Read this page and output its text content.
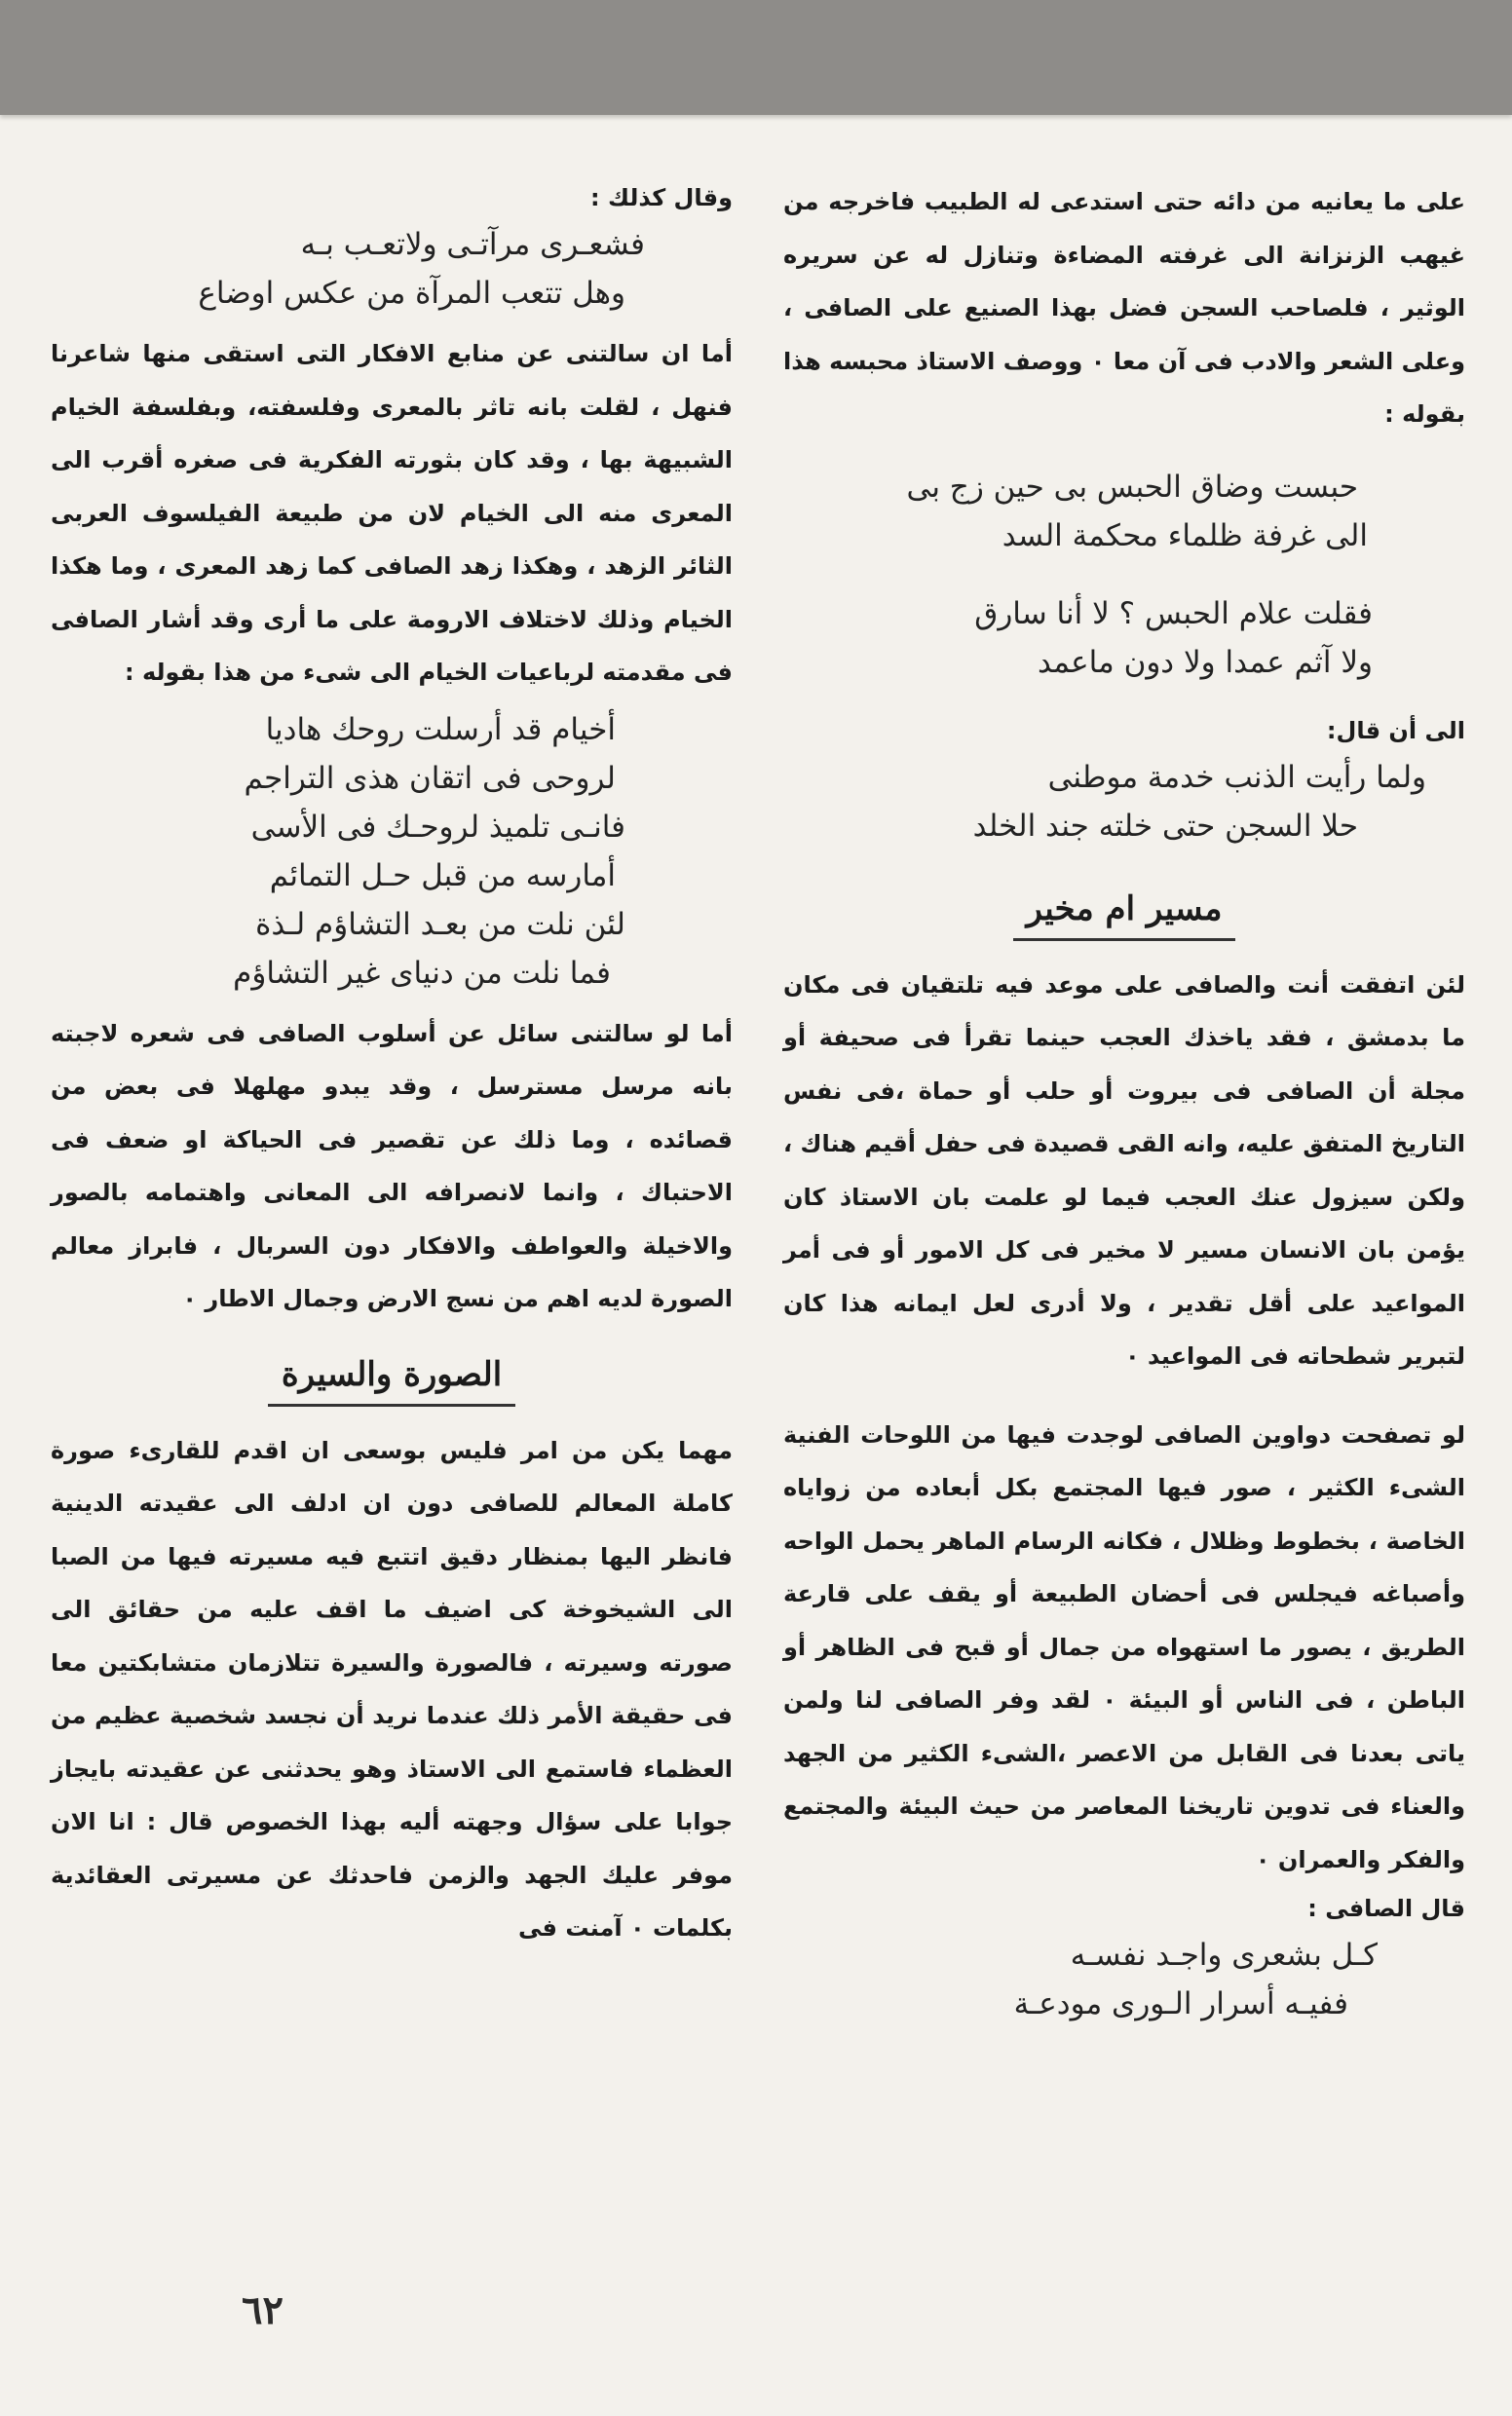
على ما يعانيه من دائه حتى استدعى له الطبيب فاخرجه من غيهب الزنزانة الى غرفته المضاءة وتنازل له عن سريره الوثير ، فلصاحب السجن فضل بهذا الصنيع على الصافى ، وعلى الشعر والادب فى آن معا ٠ ووصف الاستاذ محبسه هذا بقوله :

حبست وضاق الحبس بى حين زج بى
الى غرفة ظلماء محكمة السد
فقلت علام الحبس ؟ لا أنا سارق
ولا آثم عمدا ولا دون ماعمد

الى أن قال:

ولما رأيت الذنب خدمة موطنى
حلا السجن حتى خلته جند الخلد
مسير ام مخير

لئن اتفقت أنت والصافى على موعد فيه تلتقيان فى مكان ما بدمشق ، فقد ياخذك العجب حينما تقرأ فى صحيفة أو مجلة أن الصافى فى بيروت أو حلب أو حماة ،فى نفس التاريخ المتفق عليه، وانه القى قصيدة فى حفل أقيم هناك ، ولكن سيزول عنك العجب فيما لو علمت بان الاستاذ كان يؤمن بان الانسان مسير لا مخير فى كل الامور أو فى أمر المواعيد على أقل تقدير ، ولا أدرى لعل ايمانه هذا كان لتبرير شطحاته فى المواعيد ٠

لو تصفحت دواوين الصافى لوجدت فيها من اللوحات الفنية الشىء الكثير ، صور فيها المجتمع بكل أبعاده من زواياه الخاصة ، بخطوط وظلال ، فكانه الرسام الماهر يحمل الواحه وأصباغه فيجلس فى أحضان الطبيعة أو يقف على قارعة الطريق ، يصور ما استهواه من جمال أو قبح فى الظاهر أو الباطن ، فى الناس أو البيئة ٠ لقد وفر الصافى لنا ولمن ياتى بعدنا فى القابل من الاعصر ،الشىء الكثير من الجهد والعناء فى تدوين تاريخنا المعاصر من حيث البيئة والمجتمع والفكر والعمران ٠

قال الصافى :

كـل بشعرى واجـد نفسـه
ففيـه أسرار الـورى مودعـة

وقال كذلك :

فشعـرى مرآتـى ولاتعـب بـه
وهل تتعب المرآة من عكس اوضاع

أما ان سالتنى عن منابع الافكار التى استقى منها شاعرنا فنهل ، لقلت بانه تاثر بالمعرى وفلسفته، وبفلسفة الخيام الشبيهة بها ، وقد كان بثورته الفكرية فى صغره أقرب الى المعرى منه الى الخيام لان من طبيعة الفيلسوف العربى الثائر الزهد ، وهكذا زهد الصافى كما زهد المعرى ، وما هكذا الخيام وذلك لاختلاف الارومة على ما أرى وقد أشار الصافى فى مقدمته لرباعيات الخيام الى شىء من هذا بقوله :

أخيام قد أرسلت روحك هاديا
لروحى فى اتقان هذى التراجم
فانـى تلميذ لروحـك فى الأسى
أمارسه من قبل حـل التمائم
لئن نلت من بعـد التشاؤم لـذة
فما نلت من دنياى غير التشاؤم

أما لو سالتنى سائل عن أسلوب الصافى فى شعره لاجبته بانه مرسل مسترسل ، وقد يبدو مهلهلا فى بعض من قصائده ، وما ذلك عن تقصير فى الحياكة او ضعف فى الاحتباك ، وانما لانصرافه الى المعانى واهتمامه بالصور والاخيلة والعواطف والافكار دون السربال ، فابراز معالم الصورة لديه اهم من نسج الارض وجمال الاطار ٠

الصورة والسيرة

مهما يكن من امر فليس بوسعى ان اقدم للقارىء صورة كاملة المعالم للصافى دون ان ادلف الى عقيدته الدينية فانظر اليها بمنظار دقيق اتتبع فيه مسيرته فيها من الصبا الى الشيخوخة كى اضيف ما اقف عليه من حقائق الى صورته وسيرته ، فالصورة والسيرة تتلازمان متشابكتين معا فى حقيقة الأمر ذلك عندما نريد أن نجسد شخصية عظيم من العظماء فاستمع الى الاستاذ وهو يحدثنى عن عقيدته بايجاز جوابا على سؤال وجهته أليه بهذا الخصوص قال : انا الان موفر عليك الجهد والزمن فاحدثك عن مسيرتى العقائدية بكلمات ٠ آمنت فى

٦٢
